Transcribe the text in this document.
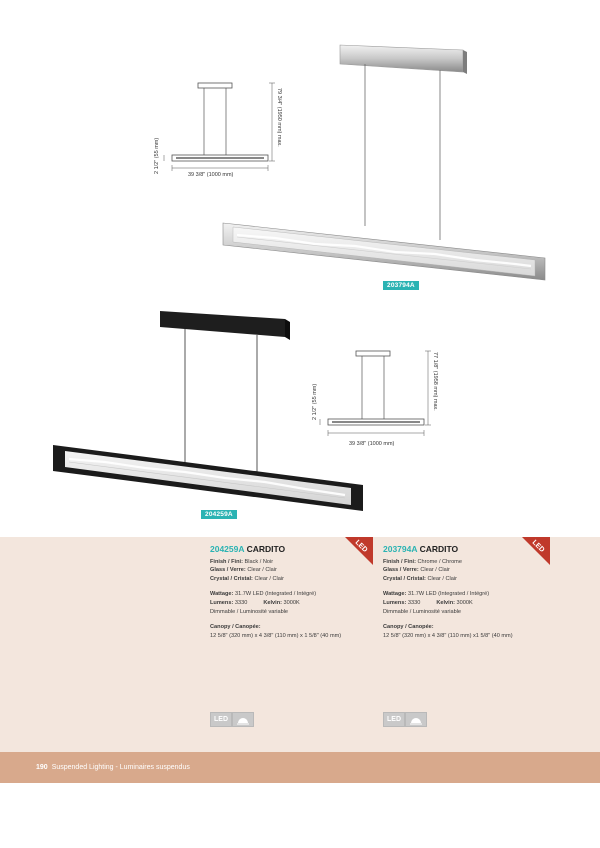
39 3/8" (1000 mm)
79 3/4" (1950 mm) max.
2 1/2" (55 mm)
203794A
204259A
39 3/8" (1000 mm)
77 1/8" (1958 mm) max.
2 1/2" (55 mm)
LED	LED
204259A CARDITO
Finish / Fini: Black / Noir
Glass / Verre: Clear / Clair
Crystal / Cristal: Clear / Clair
Wattage: 31.7W LED (Integrated / Intégré)
Lumens: 3330	Kelvin: 3000K
Dimmable / Luminosité variable
Canopy / Canopée:
12 5/8" (320 mm) x 4 3/8" (110 mm) x 1 5/8" (40 mm)
203794A CARDITO
Finish / Fini: Chrome / Chrome
Glass / Verre: Clear / Clair
Crystal / Cristal: Clear / Clair
Wattage: 31.7W LED (Integrated / Intégré)
Lumens: 3330	Kelvin: 3000K
Dimmable / Luminosité variable
Canopy / Canopée:
12 5/8" (320 mm) x 4 3/8" (110 mm) x1 5/8" (40 mm)
LED	LED
190 Suspended Lighting - Luminaires suspendus
